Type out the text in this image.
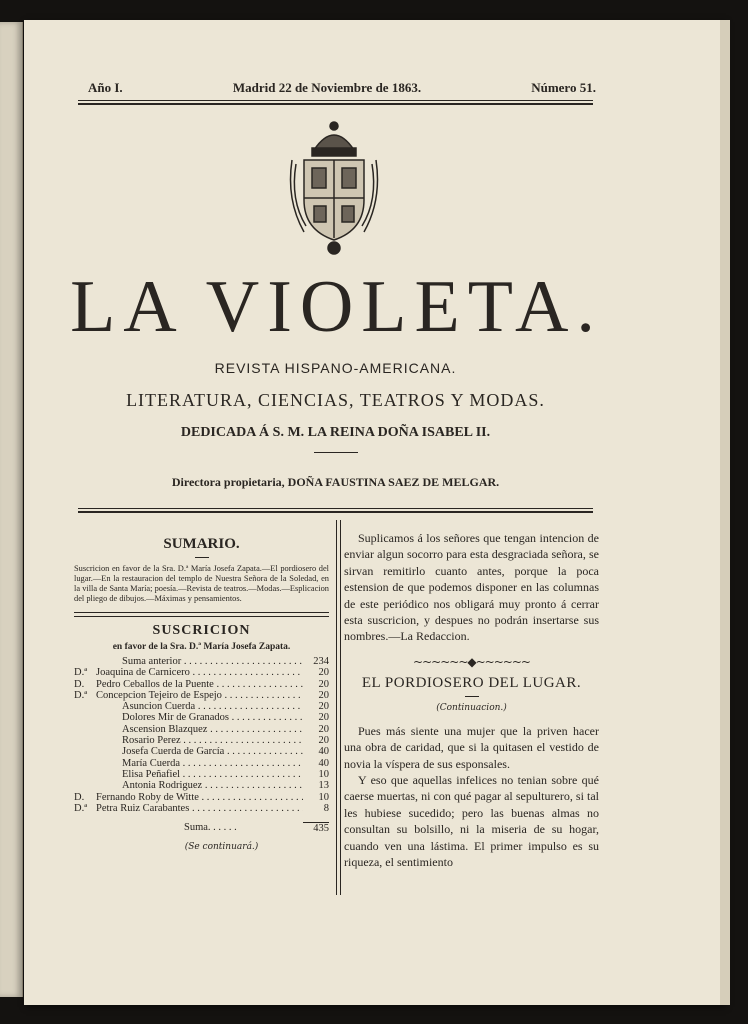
Año I.	Madrid 22 de Noviembre de 1863.	Número 51.
LA VIOLETA.
REVISTA HISPANO-AMERICANA.
LITERATURA, CIENCIAS, TEATROS Y MODAS.
DEDICADA Á S. M. LA REINA DOÑA ISABEL II.
Directora propietaria, DOÑA FAUSTINA SAEZ DE MELGAR.
SUMARIO.
Suscricion en favor de la Sra. D.ª María Josefa Zapata.—El pordiosero del lugar.—En la restauracion del templo de Nuestra Señora de la Soledad, en la villa de Santa María; poesía.—Revista de teatros.—Modas.—Esplicacion del pliego de dibujos.—Máximas y pensamientos.
SUSCRICION
en favor de la Sra. D.ª María Josefa Zapata.
Suma anterior . . .	234
D.ª Joaquina de Carnicero . . .	20
D.	Pedro Ceballos de la Puente . . .	20
D.ª Concepcion Tejeiro de Espejo . . .	20
Asuncion Cuerda . . .	20
Dolores Mir de Granados . . .	20
Ascension Blazquez . . .	20
Rosario Perez . . .	20
Josefa Cuerda de García . . .	40
María Cuerda . . .	40
Elisa Peñafiel . . .	10
Antonia Rodriguez . . .	13
D.	Fernando Roby de Witte . . .	10
D.ª Petra Ruiz Carabantes . . .	8
Suma. . . . . .	435
(Se continuará.)
Suplicamos á los señores que tengan intencion de enviar algun socorro para esta desgraciada señora, se sirvan remitirlo cuanto antes, porque la poca estension de que podemos disponer en las columnas de este periódico nos obligará muy pronto á cerrar esta suscricion, y despues no podrán insertarse sus nombres.—La Redaccion.
~~~~~~◆~~~~~~
EL PORDIOSERO DEL LUGAR.
(Continuacion.)
Pues más siente una mujer que la priven hacer una obra de caridad, que si la quitasen el vestido de novia la víspera de sus esponsales.
Y eso que aquellas infelices no tenian sobre qué caerse muertas, ni con qué pagar al sepulturero, si tal les hubiese sucedido; pero las buenas almas no consultan su bolsillo, ni la miseria de su hogar, cuando ven una lástima. El primer impulso es su riqueza, el sentimiento
